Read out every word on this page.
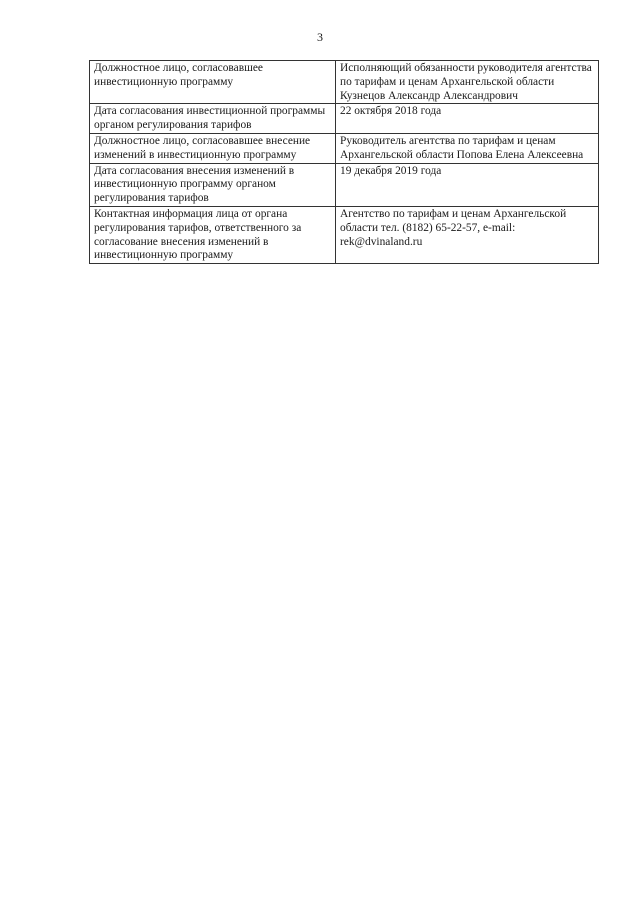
3
Должностное лицо, согласовавшее инвестиционную программу	Исполняющий обязанности руководителя агентства по тарифам и ценам Архангельской области Кузнецов Александр Александрович
Дата согласования инвестиционной программы органом регулирования тарифов	22 октября 2018 года
Должностное лицо, согласовавшее внесение изменений в инвестиционную программу	Руководитель агентства по тарифам и ценам Архангельской области Попова Елена Алексеевна
Дата согласования внесения изменений в инвестиционную программу органом регулирования тарифов	19 декабря 2019 года
Контактная информация лица от органа регулирования тарифов, ответственного за согласование внесения изменений в инвестиционную программу	Агентство по тарифам и ценам Архангельской области тел. (8182) 65-22-57, e-mail: rek@dvinaland.ru
